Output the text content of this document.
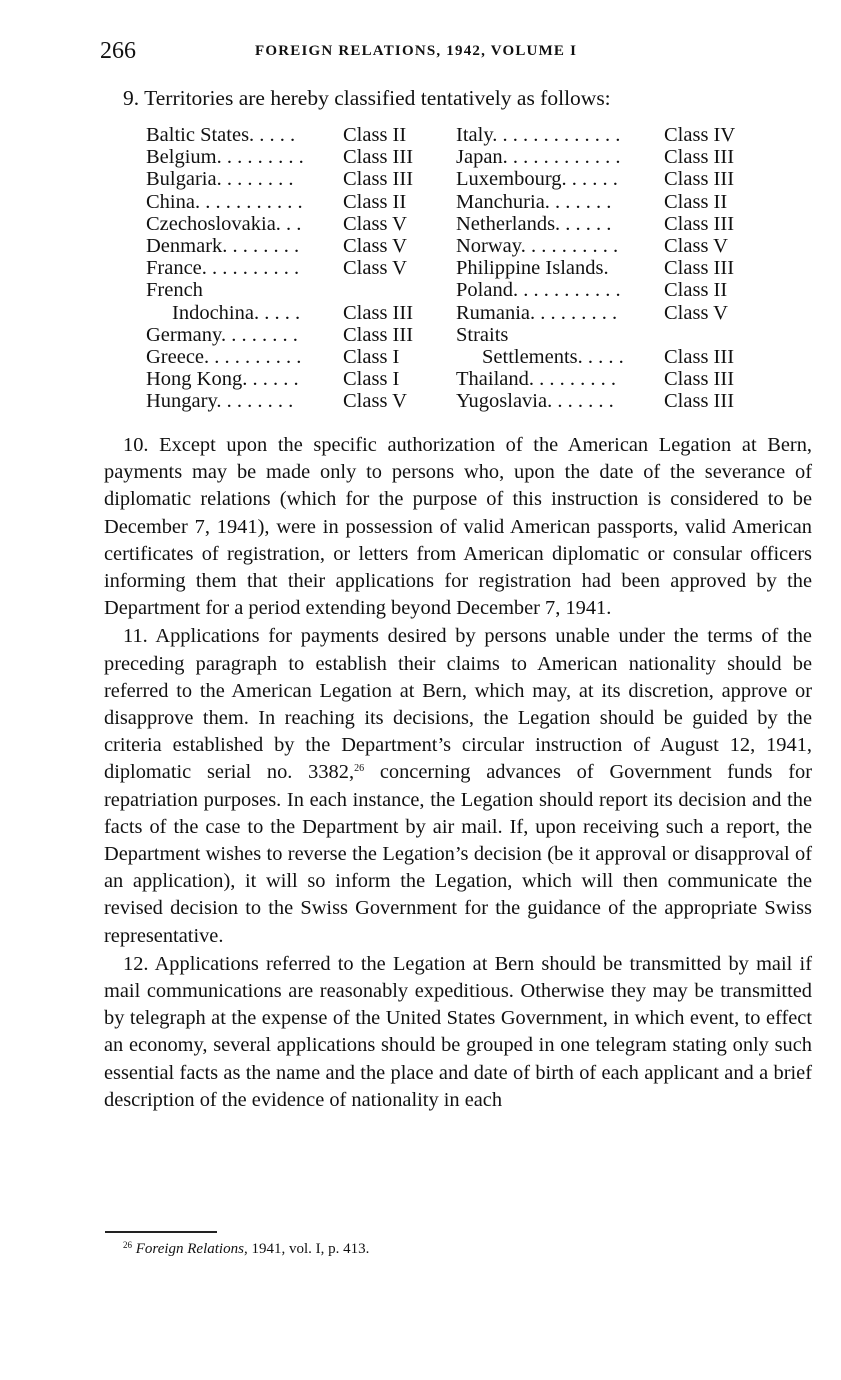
266	FOREIGN RELATIONS, 1942, VOLUME I
9. Territories are hereby classified tentatively as follows:
Baltic States. . . . . Class II
Belgium. . . . . . . . . Class III
Bulgaria. . . . . . . . Class III
China. . . . . . . . . . . Class II
Czechoslovakia. . . Class V
Denmark. . . . . . . . Class V
France. . . . . . . . . . Class V
French
Indochina. . . . . Class III
Germany. . . . . . . . Class III
Greece. . . . . . . . . . Class I
Hong Kong. . . . . . Class I
Hungary. . . . . . . . Class V
Italy. . . . . . . . . . . . . Class IV
Japan. . . . . . . . . . . . Class III
Luxembourg. . . . . . Class III
Manchuria. . . . . . .	Class II
Netherlands. . . . . .	Class III
Norway. . . . . . . . . . Class V
Philippine Islands.	Class III
Poland. . . . . . . . . . . Class II
Rumania. . . . . . . . . Class V
Straits
Settlements. . . . . Class III
Thailand. . . . . . . . . Class III
Yugoslavia. . . . . . . Class III

10. Except upon the specific authorization of the American Legation at Bern, payments may be made only to persons who, upon the date of the severance of diplomatic relations (which for the purpose of this instruction is considered to be December 7, 1941), were in possession of valid American passports, valid American certificates of registration, or letters from American diplomatic or consular officers informing them that their applications for registration had been approved by the Department for a period extending beyond December 7, 1941.

11. Applications for payments desired by persons unable under the terms of the preceding paragraph to establish their claims to American nationality should be referred to the American Legation at Bern, which may, at its discretion, approve or disapprove them. In reaching its decisions, the Legation should be guided by the criteria established by the Department’s circular instruction of August 12, 1941, diplomatic serial no. 3382,26 concerning advances of Government funds for repatriation purposes. In each instance, the Legation should report its decision and the facts of the case to the Department by air mail. If, upon receiving such a report, the Department wishes to reverse the Legation’s decision (be it approval or disapproval of an application), it will so inform the Legation, which will then communicate the revised decision to the Swiss Government for the guidance of the appropriate Swiss representative.

12. Applications referred to the Legation at Bern should be transmitted by mail if mail communications are reasonably expeditious. Otherwise they may be transmitted by telegraph at the expense of the United States Government, in which event, to effect an economy, several applications should be grouped in one telegram stating only such essential facts as the name and the place and date of birth of each applicant and a brief description of the evidence of nationality in each

$^{26}$ Foreign Relations, 1941, vol. I, p. 413.
